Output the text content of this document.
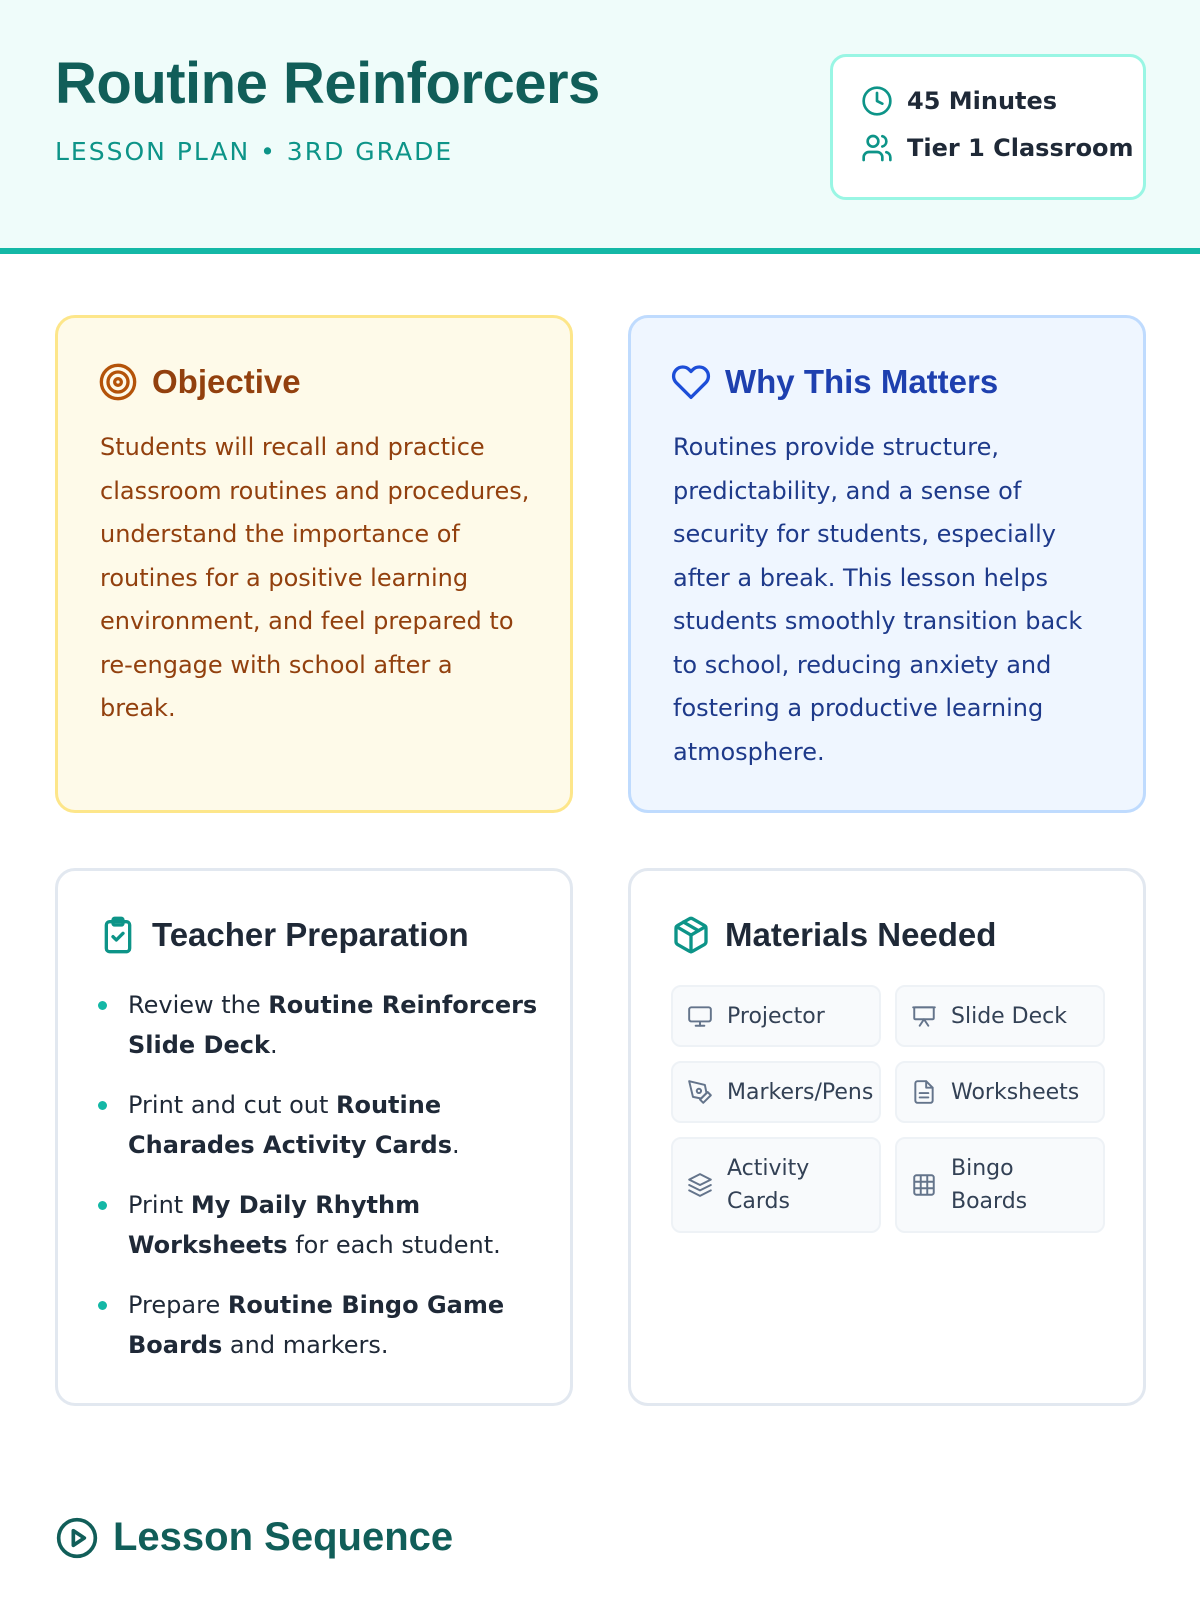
Routine Reinforcers

LESSON PLAN • 3RD GRADE

45 Minutes
Tier 1 Classroom
Objective

Students will recall and practice classroom routines and procedures, understand the importance of routines for a positive learning environment, and feel prepared to re-engage with school after a break.

Why This Matters

Routines provide structure, predictability, and a sense of security for students, especially after a break. This lesson helps students smoothly transition back to school, reducing anxiety and fostering a productive learning atmosphere.

Teacher Preparation
Review the Routine Reinforcers Slide Deck.
Print and cut out Routine Charades Activity Cards.
Print My Daily Rhythm Worksheets for each student.
Prepare Routine Bingo Game Boards and markers.
Materials Needed
Projector	Slide Deck
Markers/Pens	Worksheets
Activity Cards
Bingo Boards
Lesson Sequence
